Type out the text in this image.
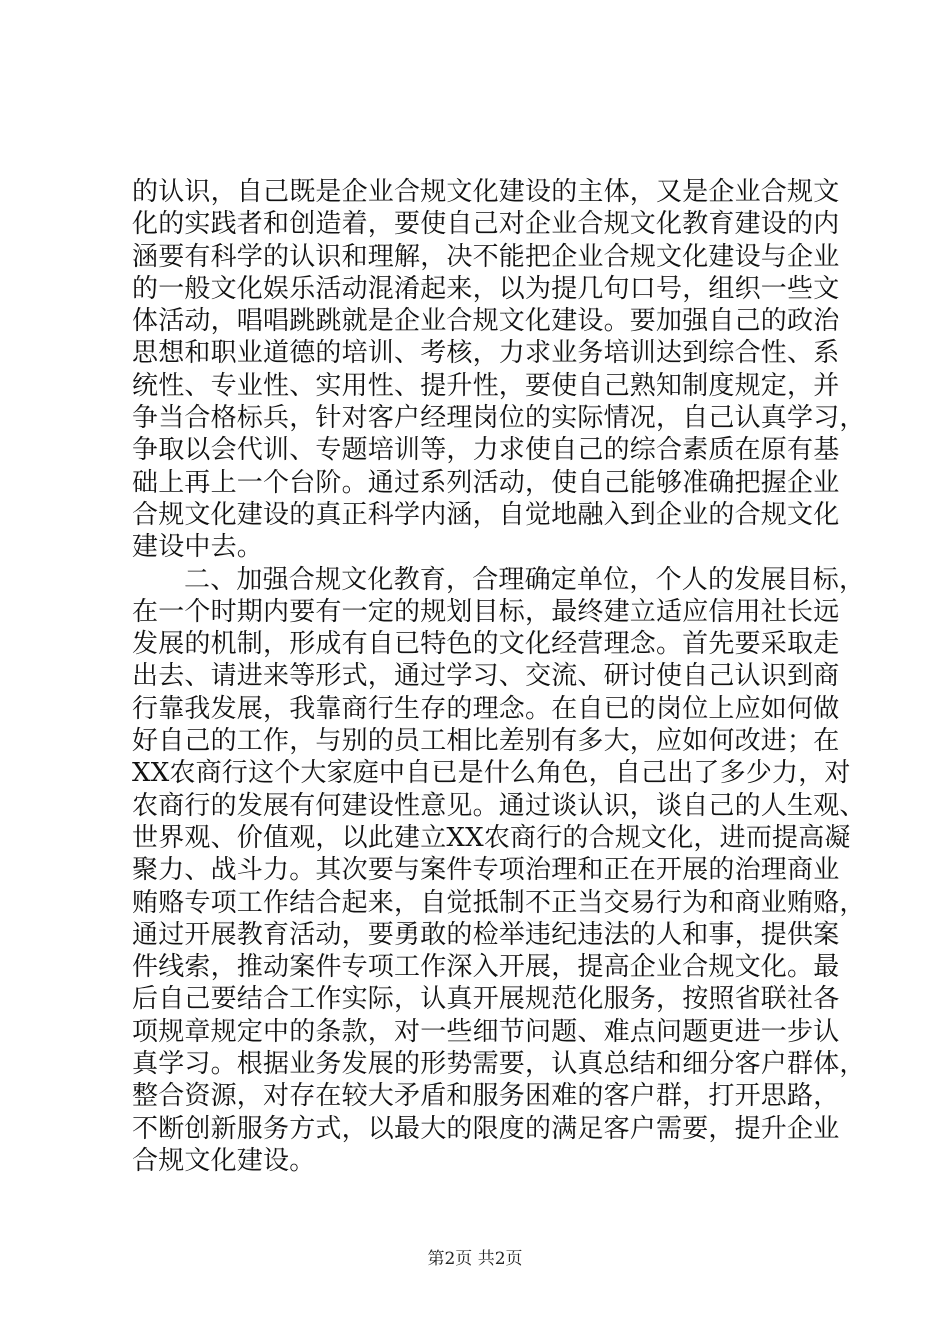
的认识，自己既是企业合规文化建设的主体，又是企业合规文
化的实践者和创造着，要使自己对企业合规文化教育建设的内
涵要有科学的认识和理解，决不能把企业合规文化建设与企业
的一般文化娱乐活动混淆起来，以为提几句口号，组织一些文
体活动，唱唱跳跳就是企业合规文化建设。要加强自己的政治
思想和职业道德的培训、考核，力求业务培训达到综合性、系
统性、专业性、实用性、提升性，要使自己熟知制度规定，并
争当合格标兵，针对客户经理岗位的实际情况，自己认真学习，
争取以会代训、专题培训等，力求使自己的综合素质在原有基
础上再上一个台阶。通过系列活动，使自己能够准确把握企业
合规文化建设的真正科学内涵，自觉地融入到企业的合规文化
建设中去。
二、加强合规文化教育，合理确定单位，个人的发展目标，
在一个时期内要有一定的规划目标，最终建立适应信用社长远
发展的机制，形成有自已特色的文化经营理念。首先要采取走
出去、请进来等形式，通过学习、交流、研讨使自己认识到商
行靠我发展，我靠商行生存的理念。在自已的岗位上应如何做
好自己的工作，与别的员工相比差别有多大，应如何改进；在
XX农商行这个大家庭中自已是什么角色，自己出了多少力，对
农商行的发展有何建设性意见。通过谈认识，谈自己的人生观、
世界观、价值观，以此建立XX农商行的合规文化，进而提高凝
聚力、战斗力。其次要与案件专项治理和正在开展的治理商业
贿赂专项工作结合起来，自觉抵制不正当交易行为和商业贿赂，
通过开展教育活动，要勇敢的检举违纪违法的人和事，提供案
件线索，推动案件专项工作深入开展，提高企业合规文化。最
后自己要结合工作实际，认真开展规范化服务，按照省联社各
项规章规定中的条款，对一些细节问题、难点问题更进一步认
真学习。根据业务发展的形势需要，认真总结和细分客户群体，
整合资源，对存在较大矛盾和服务困难的客户群，打开思路，
不断创新服务方式，以最大的限度的满足客户需要，提升企业
合规文化建设。
第2页 共2页
